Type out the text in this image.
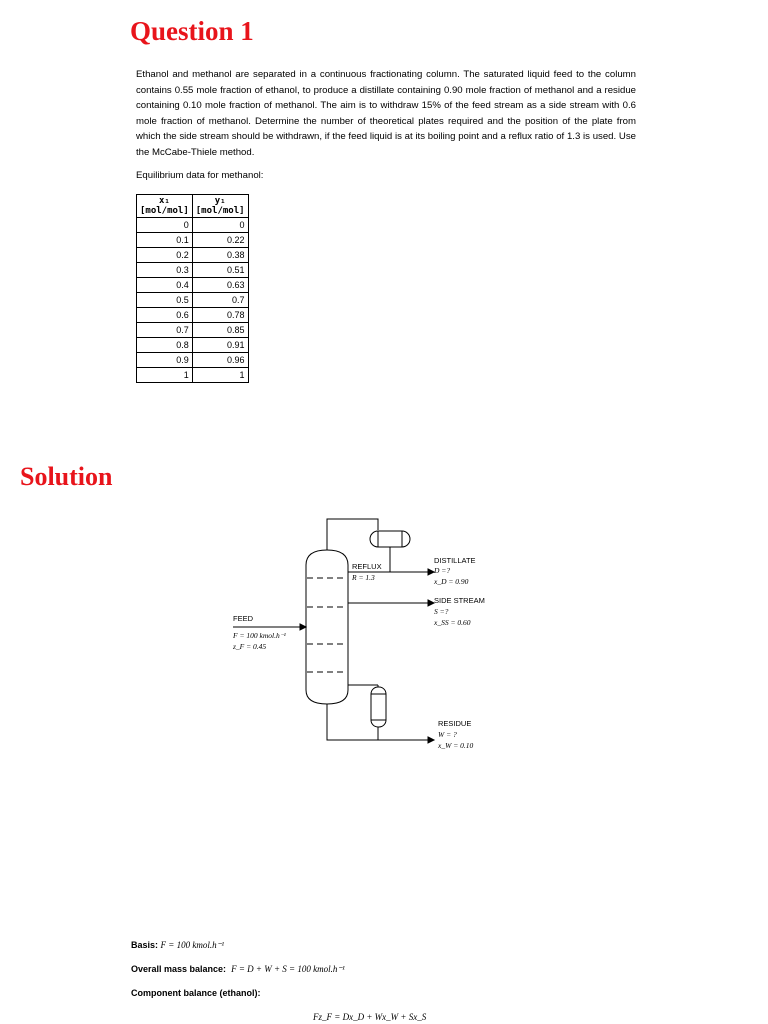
Question 1

Ethanol and methanol are separated in a continuous fractionating column. The saturated liquid feed to the column contains 0.55 mole fraction of ethanol, to produce a distillate containing 0.90 mole fraction of methanol and a residue containing 0.10 mole fraction of methanol. The aim is to withdraw 15% of the feed stream as a side stream with 0.6 mole fraction of methanol. Determine the number of theoretical plates required and the position of the plate from which the side stream should be withdrawn, if the feed liquid is at its boiling point and a reflux ratio of 1.3 is used. Use the McCabe-Thiele method.

Equilibrium data for methanol:
x₁ [mol/mol]	y₁ [mol/mol]
0	0
0.1	0.22
0.2	0.38
0.3	0.51
0.4	0.63
0.5	0.7
0.6	0.78
0.7	0.85
0.8	0.91
0.9	0.96
1	1
Solution
REFLUX
R = 1.3
DISTILLATE
D =?
x_D = 0.90
SIDE STREAM
S =?
x_SS = 0.60
FEED
F = 100 kmol.h⁻¹
z_F = 0.45
RESIDUE
W = ?
x_W = 0.10
Basis: F = 100 kmol.h⁻¹
Overall mass balance: F = D + W + S = 100 kmol.h⁻¹
Component balance (ethanol):
Fz_F = Dx_D + Wx_W + Sx_S
